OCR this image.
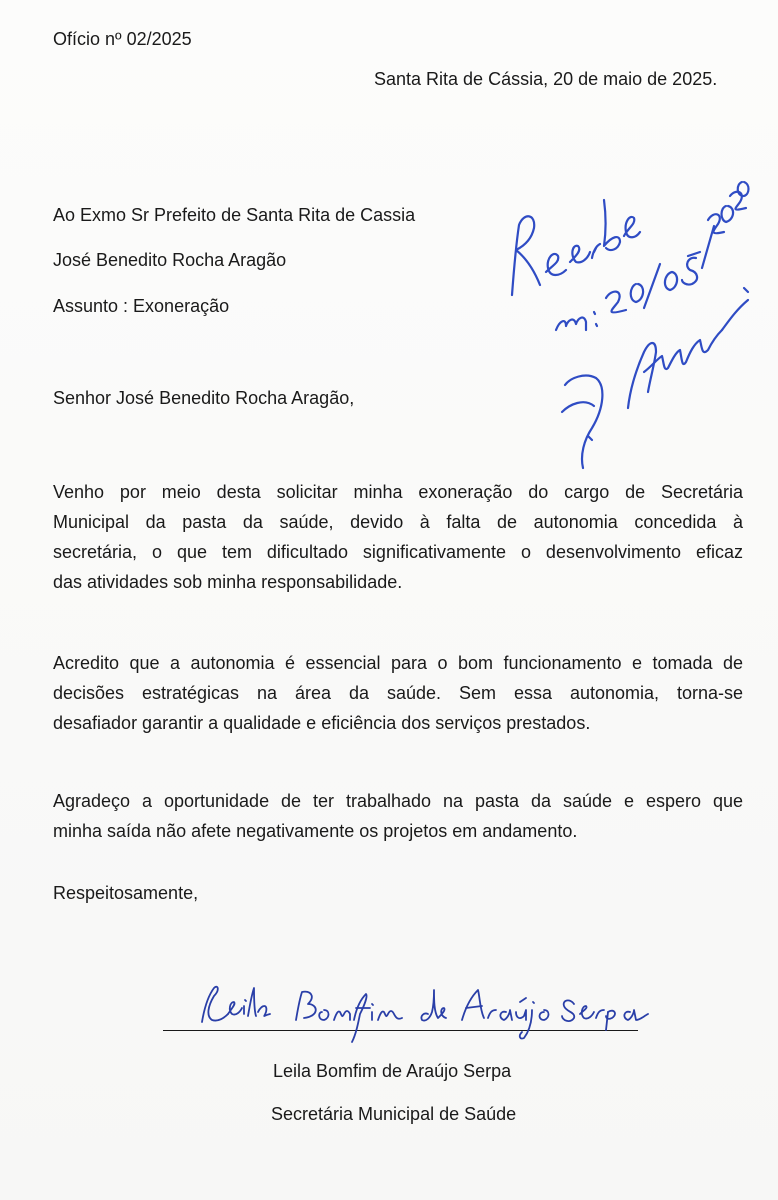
Ofício nº 02/2025
Santa Rita de Cássia, 20 de maio de 2025.
Ao Exmo Sr Prefeito de Santa Rita de Cassia
José Benedito Rocha Aragão
Assunto : Exoneração
Senhor José Benedito Rocha Aragão,
Venho por meio desta solicitar minha exoneração do cargo de Secretária
Municipal da pasta da saúde, devido à falta de autonomia concedida à
secretária, o que tem dificultado significativamente o desenvolvimento eficaz
das atividades sob minha responsabilidade.
Acredito que a autonomia é essencial para o bom funcionamento e tomada de
decisões estratégicas na área da saúde. Sem essa autonomia, torna-se
desafiador garantir a qualidade e eficiência dos serviços prestados.
Agradeço a oportunidade de ter trabalhado na pasta da saúde e espero que
minha saída não afete negativamente os projetos em andamento.
Respeitosamente,
Leila Bomfim de Araújo Serpa
Secretária Municipal de Saúde
